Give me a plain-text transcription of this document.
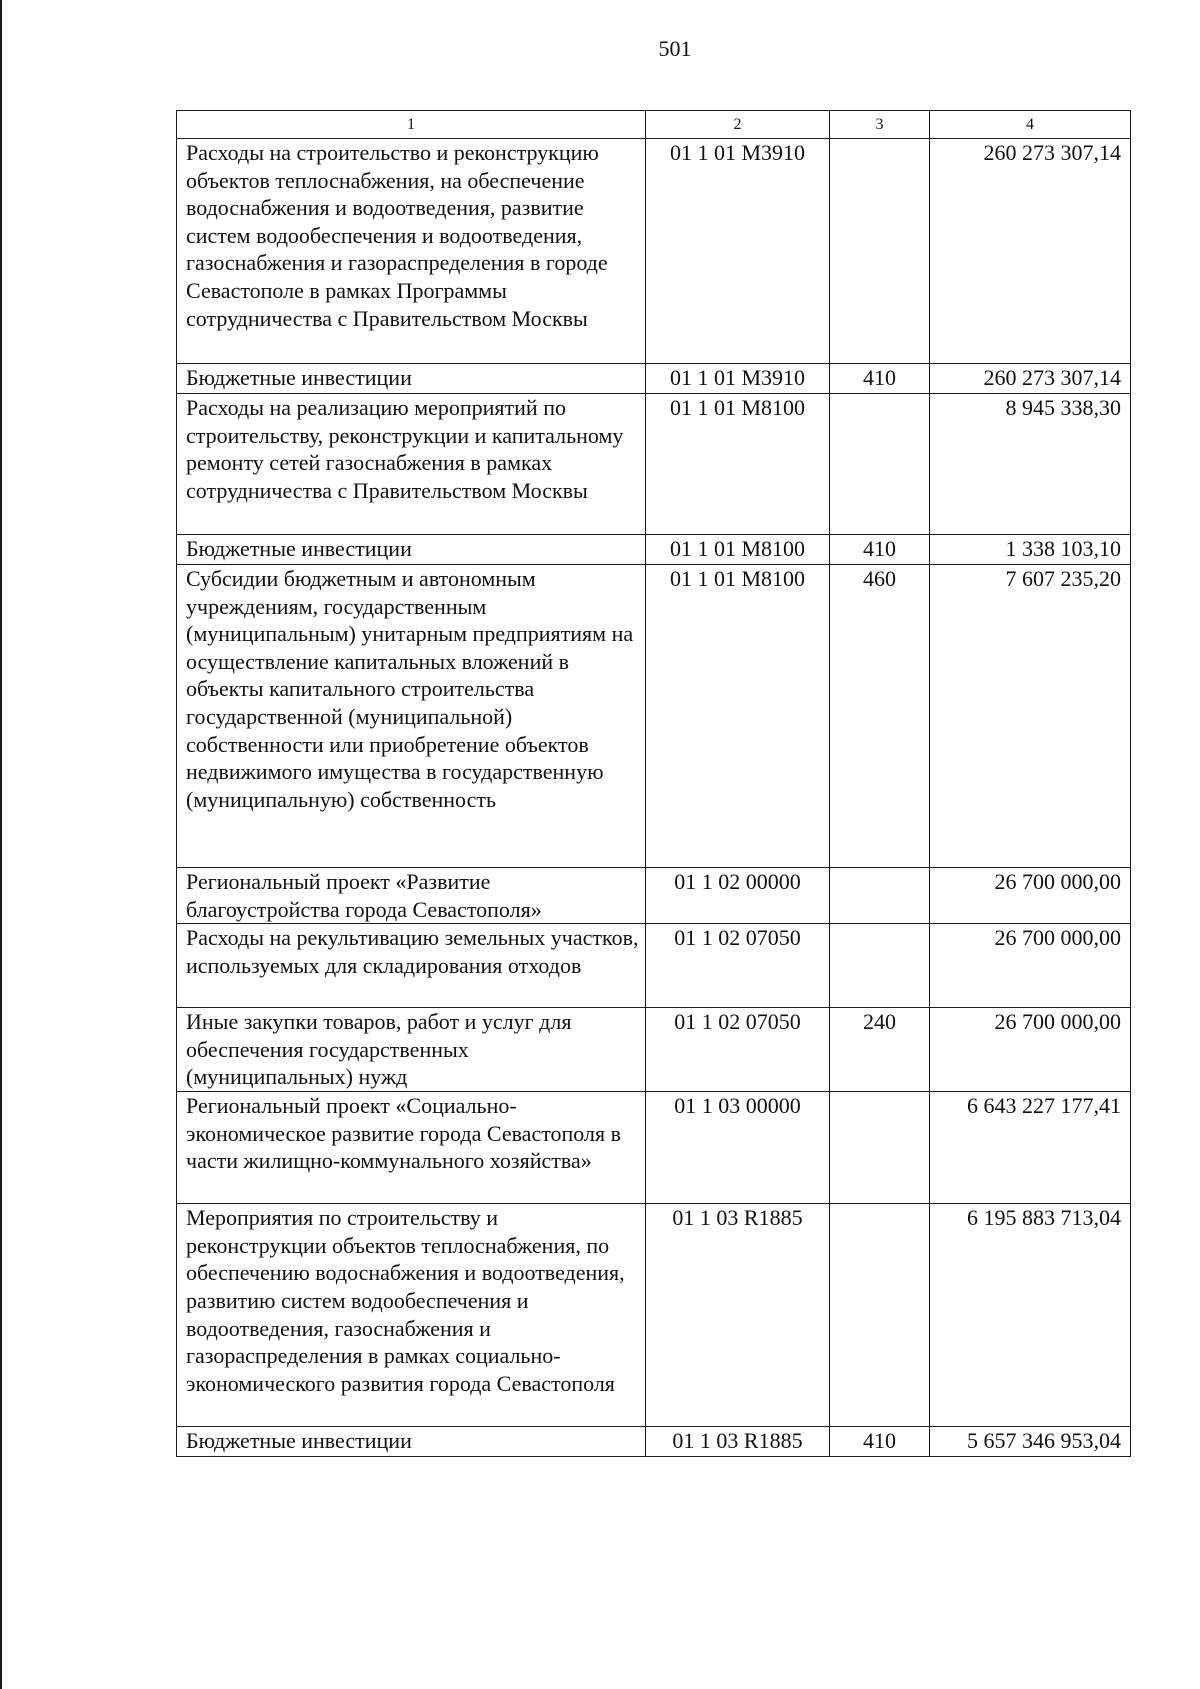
501
1	2	3	4
Расходы на строительство и реконструкцию объектов теплоснабжения, на обеспечение водоснабжения и водоотведения, развитие систем водообеспечения и водоотведения, газоснабжения и газораспределения в городе Севастополе в рамках Программы сотрудничества с Правительством Москвы	01 1 01 М3910		260 273 307,14
Бюджетные инвестиции	01 1 01 М3910	410	260 273 307,14
Расходы на реализацию мероприятий по строительству, реконструкции и капитальному ремонту сетей газоснабжения в рамках сотрудничества с Правительством Москвы	01 1 01 М8100		8 945 338,30
Бюджетные инвестиции	01 1 01 М8100	410	1 338 103,10
Субсидии бюджетным и автономным учреждениям, государственным (муниципальным) унитарным предприятиям на осуществление капитальных вложений в объекты капитального строительства государственной (муниципальной) собственности или приобретение объектов недвижимого имущества в государственную (муниципальную) собственность	01 1 01 М8100	460	7 607 235,20
Региональный проект «Развитие благоустройства города Севастополя»	01 1 02 00000		26 700 000,00
Расходы на рекультивацию земельных участков, используемых для складирования отходов	01 1 02 07050		26 700 000,00
Иные закупки товаров, работ и услуг для обеспечения государственных (муниципальных) нужд	01 1 02 07050	240	26 700 000,00
Региональный проект «Социально-экономическое развитие города Севастополя в части жилищно-коммунального хозяйства»	01 1 03 00000		6 643 227 177,41
Мероприятия по строительству и реконструкции объектов теплоснабжения, по обеспечению водоснабжения и водоотведения, развитию систем водообеспечения и водоотведения, газоснабжения и газораспределения в рамках социально-экономического развития города Севастополя	01 1 03 R1885		6 195 883 713,04
Бюджетные инвестиции	01 1 03 R1885	410	5 657 346 953,04
